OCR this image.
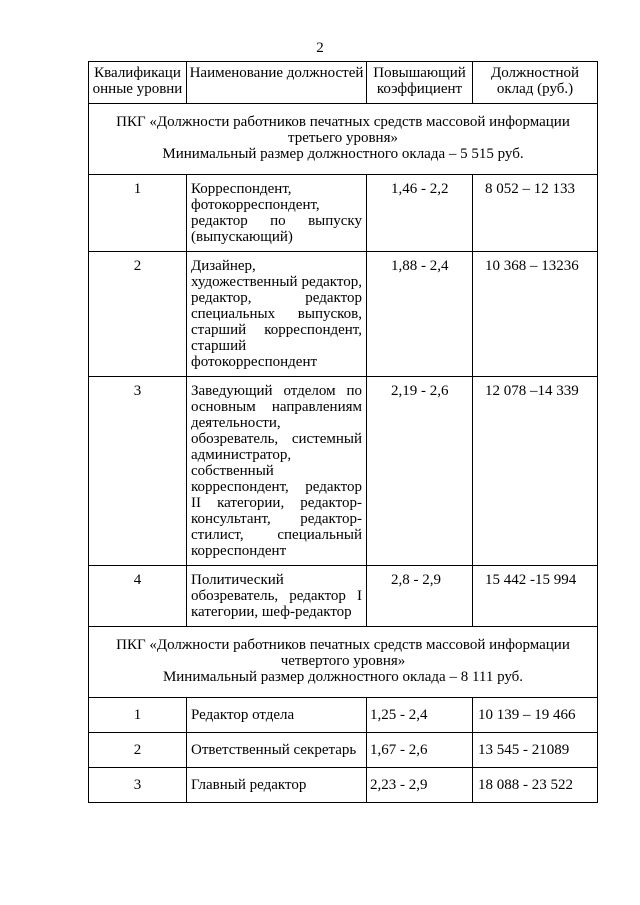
2
Квалификаци онные уровни	Наименование должностей	Повышающий коэффициент	Должностной оклад (руб.)

ПКГ «Должности работников печатных средств массовой информации третьего уровня»
Минимальный размер должностного оклада – 5 515 руб.			

1	Корреспондент, фотокорреспондент, редактор по выпуску (выпускающий)	1,46 - 2,2	8 052 – 12 133
2	Дизайнер, художественный редактор, редактор, редактор специальных выпусков, старший корреспондент, старший фотокорреспондент	1,88 - 2,4	10 368 – 13236
3	Заведующий отделом по основным направлениям деятельности, обозреватель, системный администратор, собственный корреспондент, редактор II категории, редактор-консультант, редактор-стилист, специальный корреспондент	2,19 - 2,6	12 078 –14 339
4	Политический обозреватель, редактор I категории, шеф-редактор	2,8 - 2,9	15 442 -15 994

ПКГ «Должности работников печатных средств массовой информации четвертого уровня»
Минимальный размер должностного оклада – 8 111 руб.			

1	Редактор отдела	1,25 - 2,4	10 139 – 19 466
2	Ответственный секретарь	1,67 - 2,6	13 545 - 21089
3	Главный редактор	2,23 - 2,9	18 088 - 23 522
